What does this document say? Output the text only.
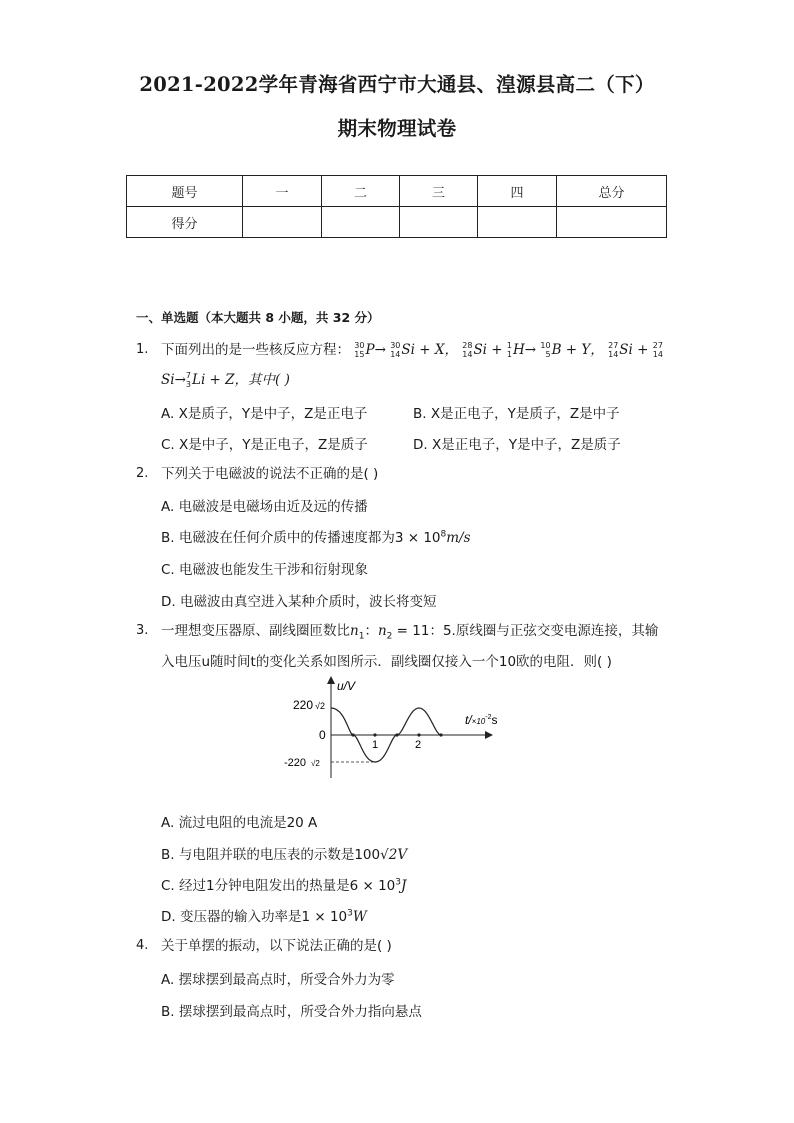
2021-2022学年青海省西宁市大通县、湟源县高二（下）
期末物理试卷
题号	一	二	三	四	总分
得分					
一、单选题（本大题共 8 小题，共 32 分）
1. 下面列出的是一些核反应方程： 30
15P→ 30
14Si + X， 28
14Si + 1
1H→ 10
5B + Y， 27
14Si + 27
14
Si→7
3Li + Z，其中( )
A. X是质子，Y是中子，Z是正电子	B. X是正电子，Y是质子，Z是中子
C. X是中子，Y是正电子，Z是质子	D. X是正电子，Y是中子，Z是质子
2. 下列关于电磁波的说法不正确的是( )
A. 电磁波是电磁场由近及远的传播
B. 电磁波在任何介质中的传播速度都为$3 \times 10^8m/s$
C. 电磁波也能发生干涉和衍射现象
D. 电磁波由真空进入某种介质时，波长将变短
3. 一理想变压器原、副线圈匝数比$n_1$：$n_2 = 11$：5.原线圈与正弦交变电源连接，其输
入电压u随时间t的变化关系如图所示．副线圈仅接入一个10欧的电阻．则( )
u/V
$t/\times 10^{-2}s$
220 √2
0
-220 √2
1	2
A. 流过电阻的电流是20 A
B. 与电阻并联的电压表的示数是100√2V
C. 经过1分钟电阻发出的热量是$6 \times 10^3J$
D. 变压器的输入功率是$1 \times 10^3W$
4. 关于单摆的振动，以下说法正确的是( )
A. 摆球摆到最高点时，所受合外力为零
B. 摆球摆到最高点时，所受合外力指向悬点
